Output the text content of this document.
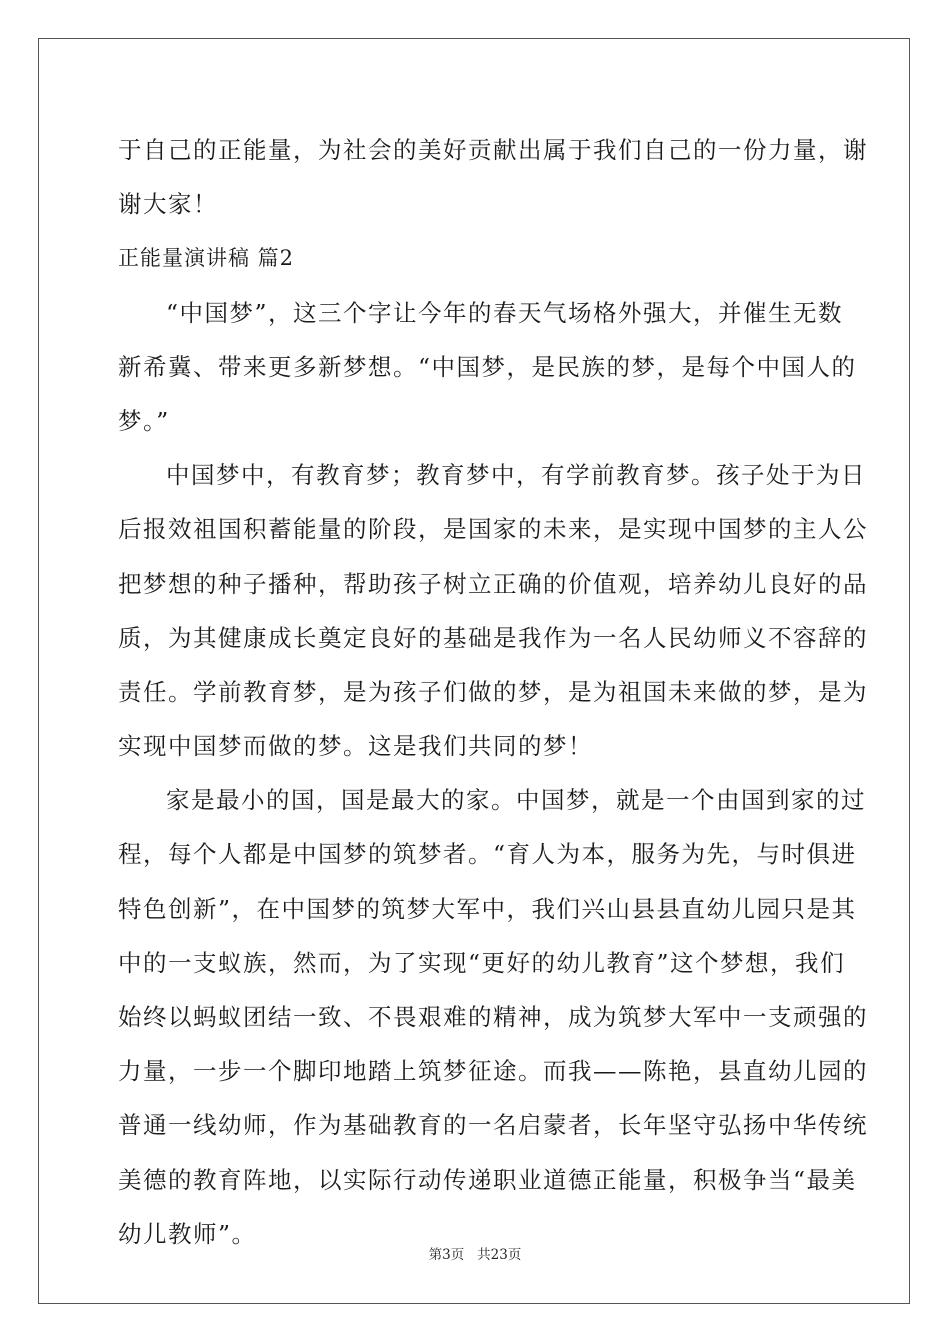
于自己的正能量，为社会的美好贡献出属于我们自己的一份力量，谢
谢大家！
正能量演讲稿 篇2
“中国梦”，这三个字让今年的春天气场格外强大，并催生无数
新希冀、带来更多新梦想。“中国梦，是民族的梦，是每个中国人的
梦。”
中国梦中，有教育梦；教育梦中，有学前教育梦。孩子处于为日
后报效祖国积蓄能量的阶段，是国家的未来，是实现中国梦的主人公
把梦想的种子播种，帮助孩子树立正确的价值观，培养幼儿良好的品
质，为其健康成长奠定良好的基础是我作为一名人民幼师义不容辞的
责任。学前教育梦，是为孩子们做的梦，是为祖国未来做的梦，是为
实现中国梦而做的梦。这是我们共同的梦！
家是最小的国，国是最大的家。中国梦，就是一个由国到家的过
程，每个人都是中国梦的筑梦者。“育人为本，服务为先，与时俱进
特色创新”，在中国梦的筑梦大军中，我们兴山县县直幼儿园只是其
中的一支蚁族，然而，为了实现“更好的幼儿教育”这个梦想，我们
始终以蚂蚁团结一致、不畏艰难的精神，成为筑梦大军中一支顽强的
力量，一步一个脚印地踏上筑梦征途。而我——陈艳，县直幼儿园的
普通一线幼师，作为基础教育的一名启蒙者，长年坚守弘扬中华传统
美德的教育阵地，以实际行动传递职业道德正能量，积极争当“最美
幼儿教师”。
第3页   共23页
